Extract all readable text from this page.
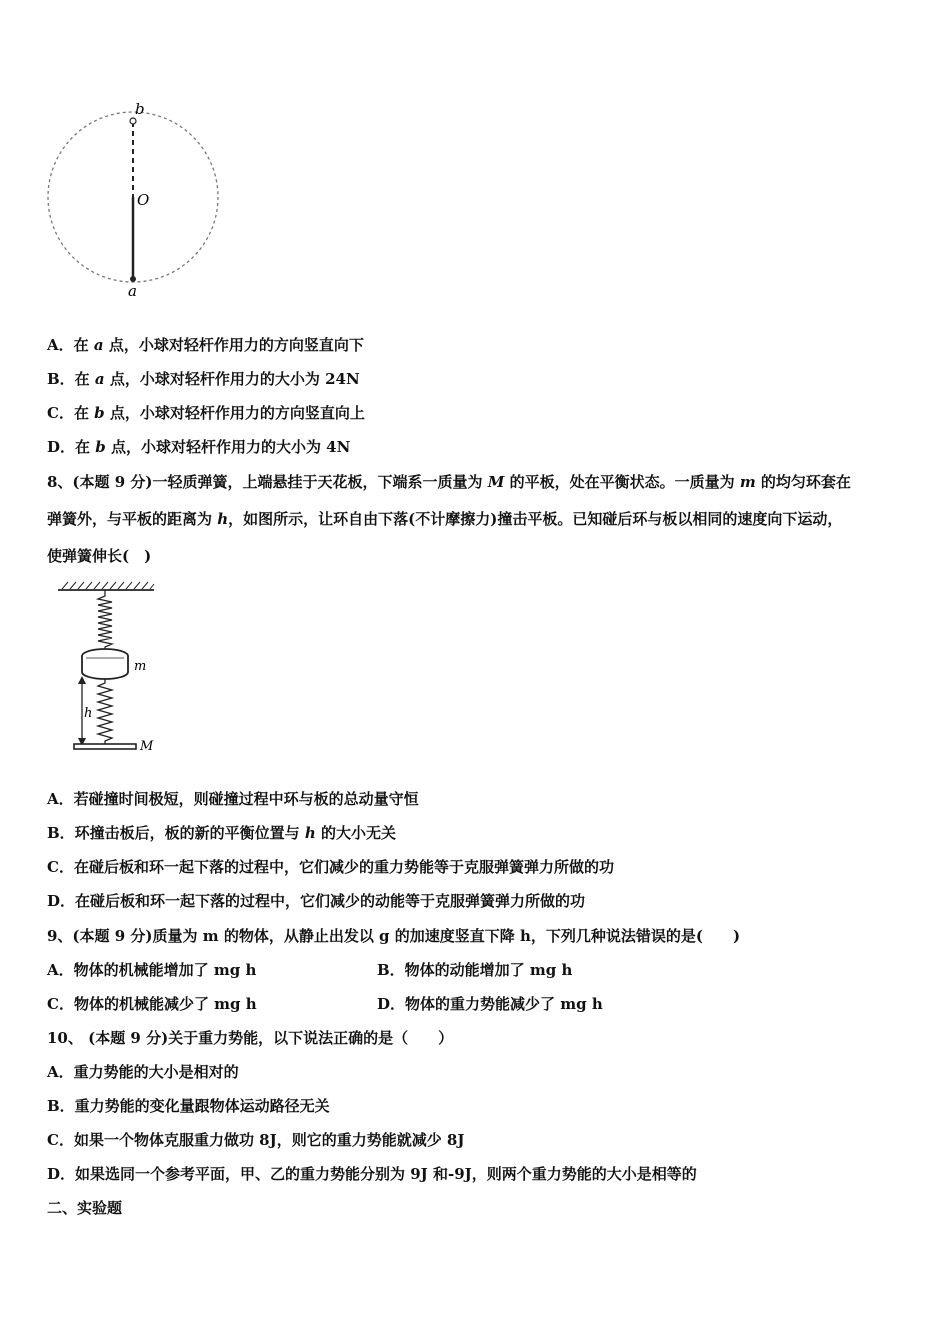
b
O
a
A．在 a 点，小球对轻杆作用力的方向竖直向下
B．在 a 点，小球对轻杆作用力的大小为 24N
C．在 b 点，小球对轻杆作用力的方向竖直向上
D．在 b 点，小球对轻杆作用力的大小为 4N
8、(本题 9 分)一轻质弹簧，上端悬挂于天花板，下端系一质量为 M 的平板，处在平衡状态。一质量为 m 的均匀环套在
弹簧外，与平板的距离为 h，如图所示，让环自由下落(不计摩擦力)撞击平板。已知碰后环与板以相同的速度向下运动，
使弹簧伸长(　)
m
h
M
A．若碰撞时间极短，则碰撞过程中环与板的总动量守恒
B．环撞击板后，板的新的平衡位置与 h 的大小无关
C．在碰后板和环一起下落的过程中，它们减少的重力势能等于克服弹簧弹力所做的功
D．在碰后板和环一起下落的过程中，它们减少的动能等于克服弹簧弹力所做的功
9、(本题 9 分)质量为 m 的物体，从静止出发以 g 的加速度竖直下降 h，下列几种说法错误的是(　　)
A．物体的机械能增加了 mg h	B．物体的动能增加了 mg h
C．物体的机械能减少了 mg h	D．物体的重力势能减少了 mg h
10、 (本题 9 分)关于重力势能，以下说法正确的是（　　）
A．重力势能的大小是相对的
B．重力势能的变化量跟物体运动路径无关
C．如果一个物体克服重力做功 8J，则它的重力势能就减少 8J
D．如果选同一个参考平面，甲、乙的重力势能分别为 9J 和-9J，则两个重力势能的大小是相等的
二、实验题
